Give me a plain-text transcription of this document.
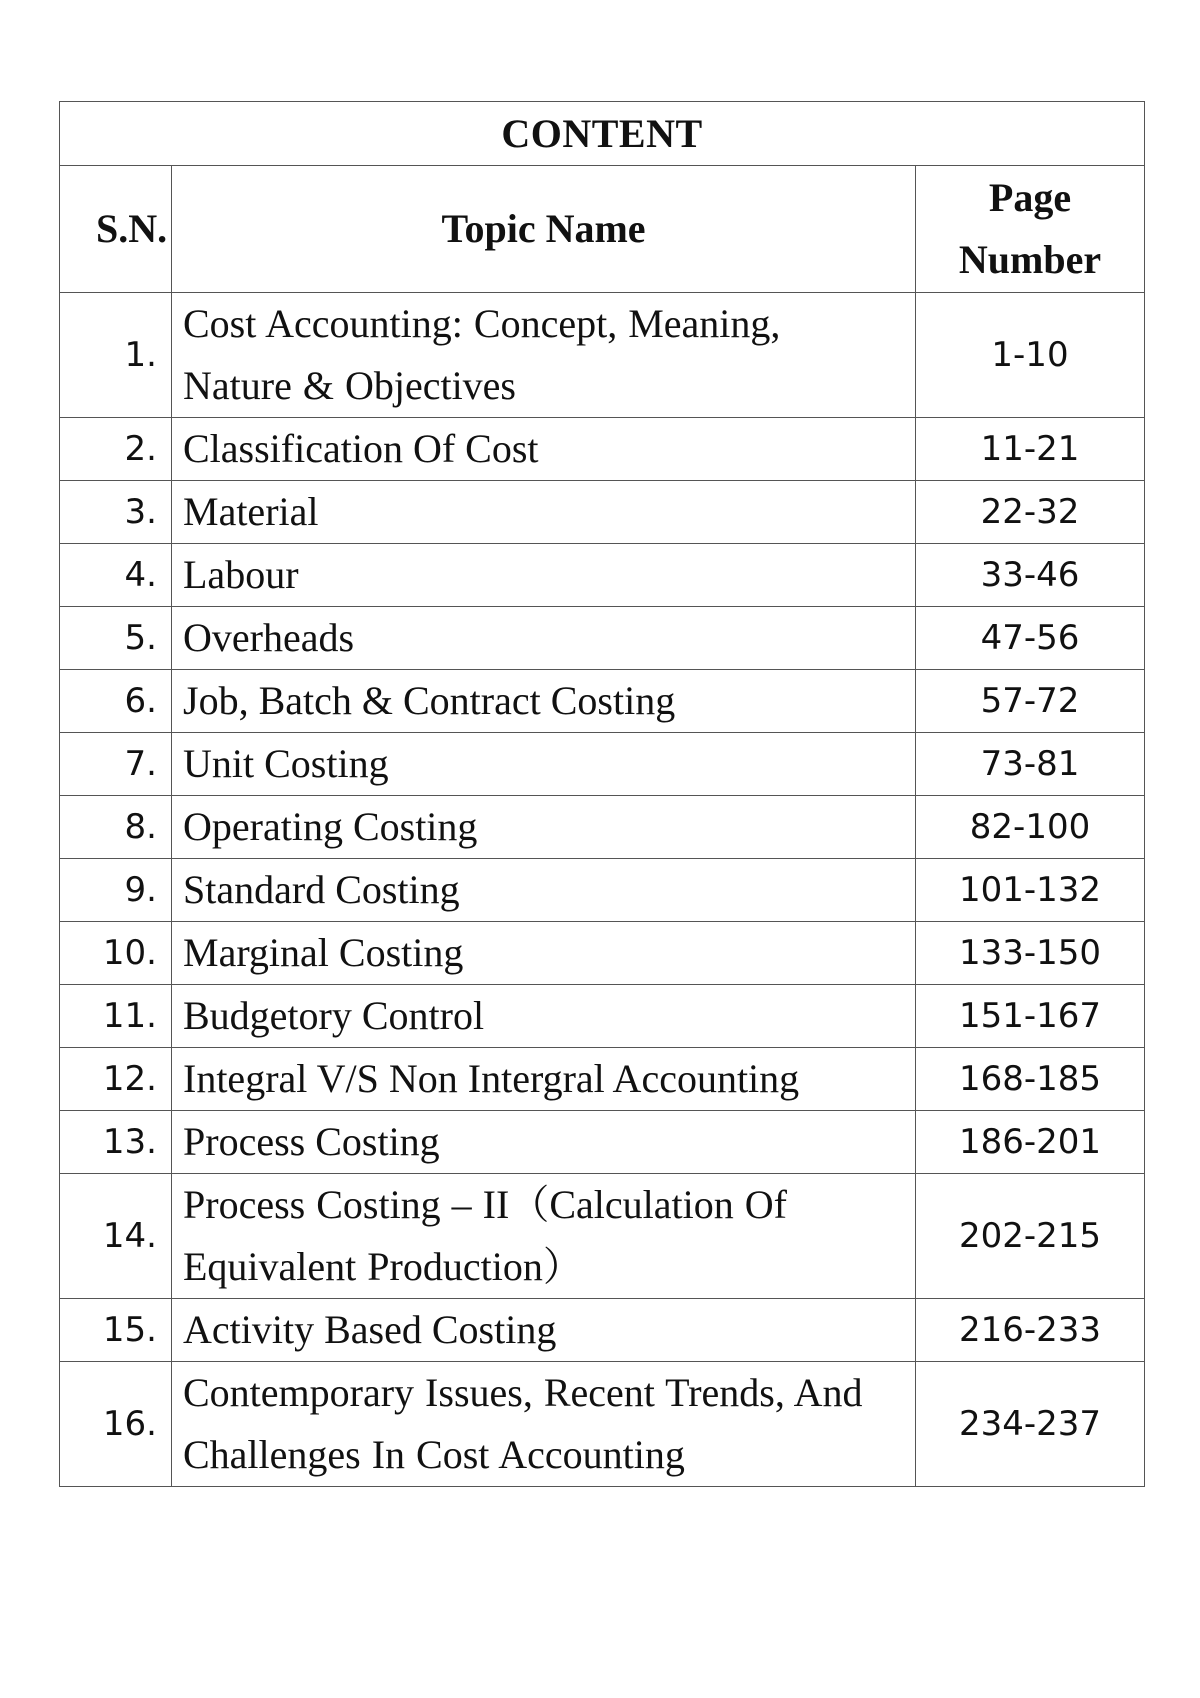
CONTENT		
S.N.	Topic Name	Page
Number

1.	Cost Accounting: Concept, Meaning, Nature & Objectives	1-10
2.	Classification Of Cost	11-21
3.	Material	22-32
4.	Labour	33-46
5.	Overheads	47-56
6.	Job, Batch & Contract Costing	57-72
7.	Unit Costing	73-81
8.	Operating Costing	82-100
9.	Standard Costing	101-132
10.	Marginal Costing	133-150
11.	Budgetory Control	151-167
12.	Integral V/S Non Intergral Accounting	168-185
13.	Process Costing	186-201
14.	Process Costing – II（Calculation Of Equivalent Production）	202-215
15.	Activity Based Costing	216-233
16.	Contemporary Issues, Recent Trends, And Challenges In Cost Accounting	234-237
